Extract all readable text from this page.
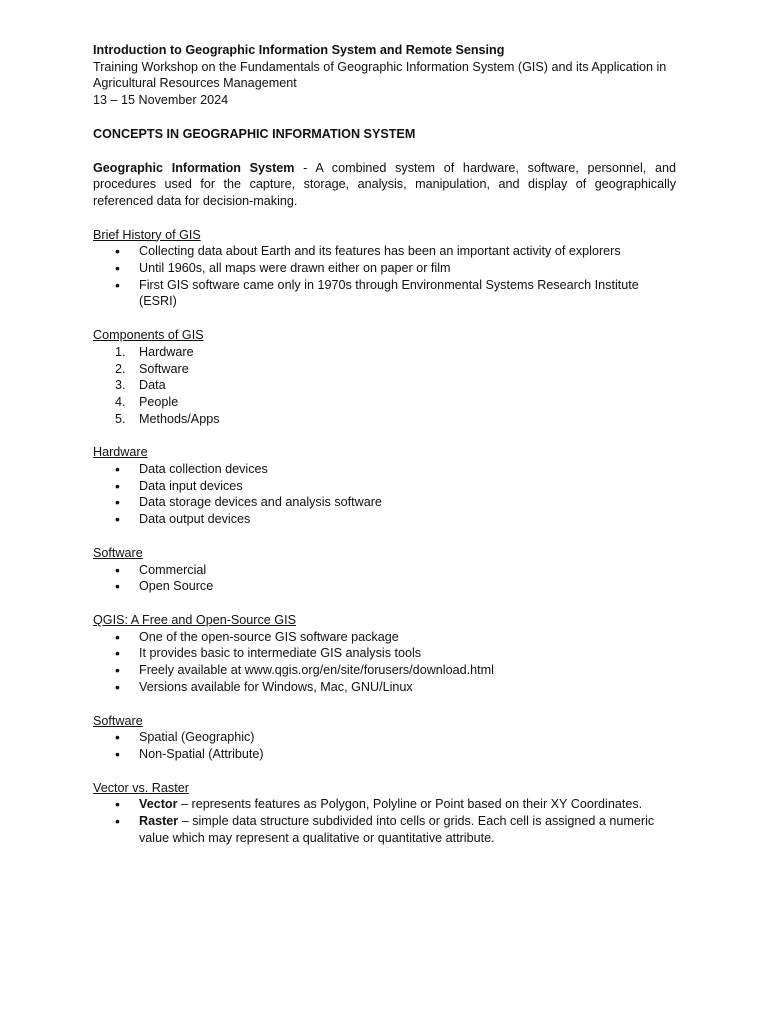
Introduction to Geographic Information System and Remote Sensing
Training Workshop on the Fundamentals of Geographic Information System (GIS) and its Application in Agricultural Resources Management
13 – 15 November 2024
CONCEPTS IN GEOGRAPHIC INFORMATION SYSTEM
Geographic Information System - A combined system of hardware, software, personnel, and procedures used for the capture, storage, analysis, manipulation, and display of geographically referenced data for decision-making.
Brief History of GIS
• Collecting data about Earth and its features has been an important activity of explorers
• Until 1960s, all maps were drawn either on paper or film
• First GIS software came only in 1970s through Environmental Systems Research Institute (ESRI)
Components of GIS
1. Hardware
2. Software
3. Data
4. People
5. Methods/Apps
Hardware
• Data collection devices
• Data input devices
• Data storage devices and analysis software
• Data output devices
Software
• Commercial
• Open Source
QGIS: A Free and Open-Source GIS
• One of the open-source GIS software package
• It provides basic to intermediate GIS analysis tools
• Freely available at www.qgis.org/en/site/forusers/download.html
• Versions available for Windows, Mac, GNU/Linux
Software
• Spatial (Geographic)
• Non-Spatial (Attribute)
Vector vs. Raster
• Vector – represents features as Polygon, Polyline or Point based on their XY Coordinates.
• Raster – simple data structure subdivided into cells or grids. Each cell is assigned a numeric value which may represent a qualitative or quantitative attribute.
